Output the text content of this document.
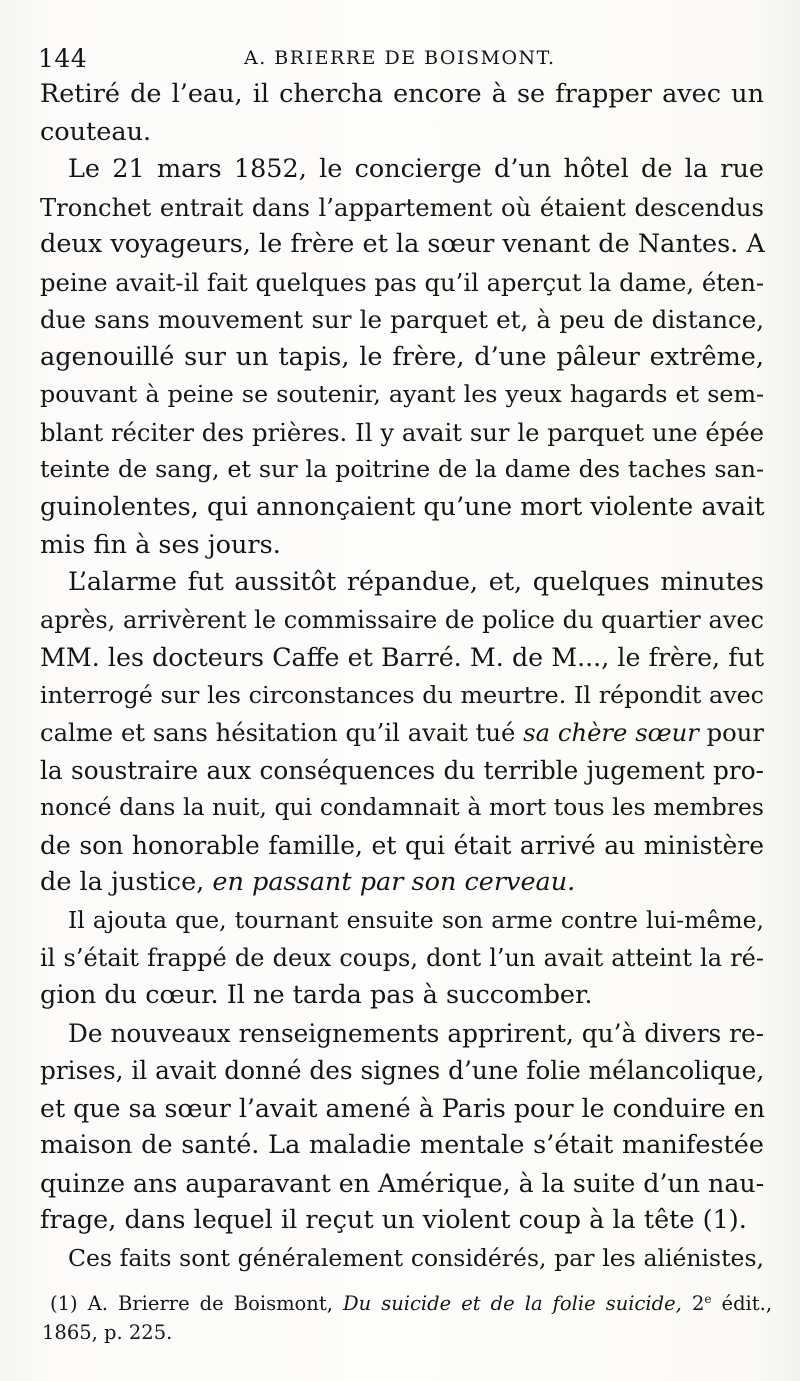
144	A. BRIERRE DE BOISMONT.
Retiré de l’eau, il chercha encore à se frapper avec un
couteau.
Le 21 mars 1852, le concierge d’un hôtel de la rue
Tronchet entrait dans l’appartement où étaient descendus
deux voyageurs, le frère et la sœur venant de Nantes. A
peine avait-il fait quelques pas qu’il aperçut la dame, éten-
due sans mouvement sur le parquet et, à peu de distance,
agenouillé sur un tapis, le frère, d’une pâleur extrême,
pouvant à peine se soutenir, ayant les yeux hagards et sem-
blant réciter des prières. Il y avait sur le parquet une épée
teinte de sang, et sur la poitrine de la dame des taches san-
guinolentes, qui annonçaient qu’une mort violente avait
mis fin à ses jours.
L’alarme fut aussitôt répandue, et, quelques minutes
après, arrivèrent le commissaire de police du quartier avec
MM. les docteurs Caffe et Barré. M. de M..., le frère, fut
interrogé sur les circonstances du meurtre. Il répondit avec
calme et sans hésitation qu’il avait tué sa chère sœur pour
la soustraire aux conséquences du terrible jugement pro-
noncé dans la nuit, qui condamnait à mort tous les membres
de son honorable famille, et qui était arrivé au ministère
de la justice, en passant par son cerveau.
Il ajouta que, tournant ensuite son arme contre lui-même,
il s’était frappé de deux coups, dont l’un avait atteint la ré-
gion du cœur. Il ne tarda pas à succomber.
De nouveaux renseignements apprirent, qu’à divers re-
prises, il avait donné des signes d’une folie mélancolique,
et que sa sœur l’avait amené à Paris pour le conduire en
maison de santé. La maladie mentale s’était manifestée
quinze ans auparavant en Amérique, à la suite d’un nau-
frage, dans lequel il reçut un violent coup à la tête (1).
Ces faits sont généralement considérés, par les aliénistes,
(1) A. Brierre de Boismont, Du suicide et de la folie suicide, 2e édit.,
1865, p. 225.
